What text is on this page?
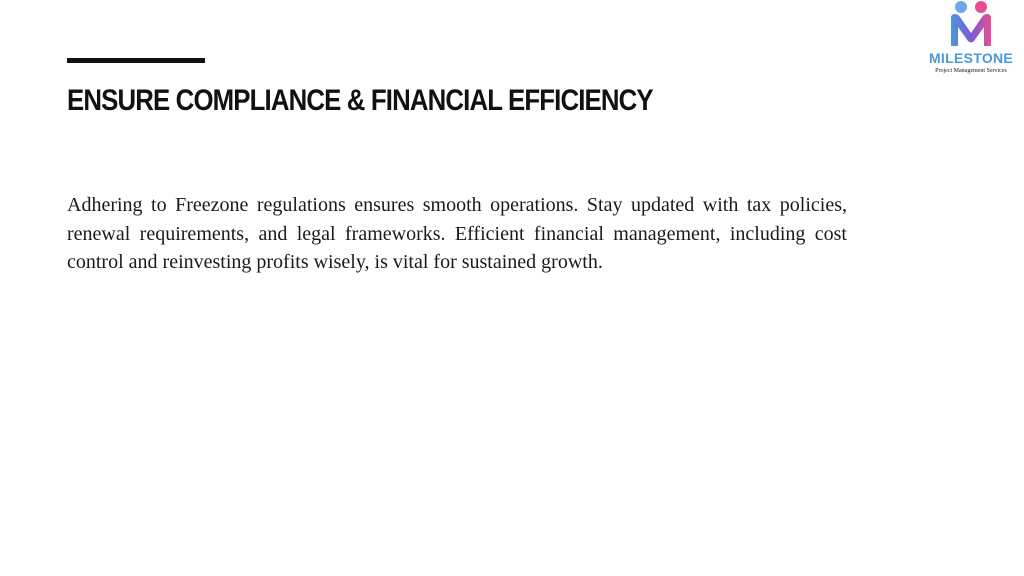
ENSURE COMPLIANCE & FINANCIAL EFFICIENCY

Adhering to Freezone regulations ensures smooth operations. Stay updated with tax policies, renewal requirements, and legal frameworks. Efficient financial management, including cost control and reinvesting profits wisely, is vital for sustained growth.

MILESTONE
Project Management Services
